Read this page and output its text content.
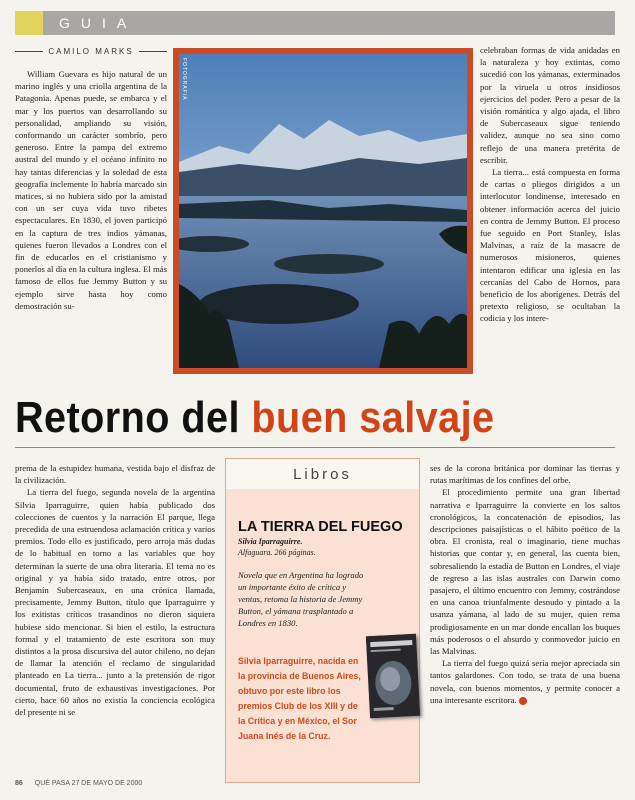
GUIA
CAMILO MARKS

William Guevara es hijo natural de un marino inglés y una criolla argentina de la Patagonia. Apenas puede, se embarca y el mar y los puertos van desarrollando su personalidad, ampliando su visión, conformando un carácter sombrío, pero generoso. Entre la pampa del extremo austral del mundo y el océano infinito no hay tantas diferencias y la soledad de esta geografía inclemente lo habría marcado sin matices, si no hubiera sido por la amistad con un ser cuya vida tuvo ribetes espectaculares. En 1830, el joven participó en la captura de tres indios yámanas, quienes fueron llevados a Londres con el fin de educarlos en el cristianismo y ponerlos al día en la cultura inglesa. El más famoso de ellos fue Jemmy Button y su ejemplo sirve hasta hoy como demostración su-

FOTOGRAFIA

celebraban formas de vida anidadas en la naturaleza y hoy extintas, como sucedió con los yámanas, exterminados por la viruela u otros insidiosos ejercicios del poder. Pero a pesar de la visión romántica y algo ajada, el libro de Subercaseaux sigue teniendo validez, aunque no sea sino como reflejo de una manera pretérita de escribir.

La tierra... está compuesta en forma de cartas o pliegos dirigidos a un interlocutor londinense, interesado en obtener información acerca del juicio en contra de Jemmy Button. El proceso fue seguido en Port Stanley, Islas Malvinas, a raíz de la masacre de numerosos misioneros, quienes intentaron edificar una iglesia en las cercanías del Cabo de Hornos, para beneficio de los aborígenes. Detrás del pretexto religioso, se ocultaban la codicia y los intere-

Retorno del buen salvaje

prema de la estupidez humana, vestida bajo el disfraz de la civilización.

La tierra del fuego, segunda novela de la argentina Silvia Iparraguirre, quien había publicado dos colecciones de cuentos y la narración El parque, llega precedida de una estruendosa aclamación crítica y varios premios. Todo ello es justificado, pero arroja más dudas de lo habitual en torno a las variables que hoy determinan la suerte de una obra literaria. El tema no es original y ya había sido tratado, entre otros, por Benjamín Subercaseaux, en una crónica llamada, precisamente, Jemmy Button, título que Iparraguirre y los exitistas críticos trasandinos no dieron siquiera hubiese sido mencionar. Si bien el estilo, la estructura formal y el tratamiento de este escritora son muy distintos a la prosa discursiva del autor chileno, no dejan de llamar la atención el reclamo de singularidad planteado en La tierra... junto a la pretensión de rigor documental, fruto de exhaustivas investigaciones. Por cierto, hace 60 años no existía la conciencia ecológica del presente ni se

Libros
LA TIERRA DEL FUEGO
Silvia Iparraguirre.
Alfaguara. 266 páginas.
Novela que en Argentina ha logrado un importante éxito de crítica y ventas, retoma la historia de Jemmy Button, el yámana trasplantado a Londres en 1830.
Silvia Iparraguirre, nacida en la provincia de Buenos Aires, obtuvo por este libro los premios Club de los XIII y de la Crítica y en México, el Sor Juana Inés de la Cruz.

ses de la corona británica por dominar las tierras y rutas marítimas de los confines del orbe.

El procedimiento permite una gran libertad narrativa e Iparraguirre la convierte en los saltos cronológicos, la concatenación de episodios, las descripciones paisajísticas o el hábito poético de la obra. El cronista, real o imaginario, tiene muchas historias que contar y, en general, las cuenta bien, sobresaliendo la estadía de Button en Londres, el viaje de regreso a las islas australes con Darwin como pasajero, el último encuentro con Jemmy, costrándose en una canoa triunfalmente desnudo y pintado a la usanza yámana, al lado de su mujer, quien rema prodigiosamente en un mar donde encallan los buques más poderosos o el absurdo y conmovedor juicio en las Malvinas.

La tierra del fuego quizá sería mejor apreciada sin tantos galardones. Con todo, se trata de una buena novela, con buenos momentos, y permite conocer a una interesante escritora.

86 QUÉ PASA 27 DE MAYO DE 2000
